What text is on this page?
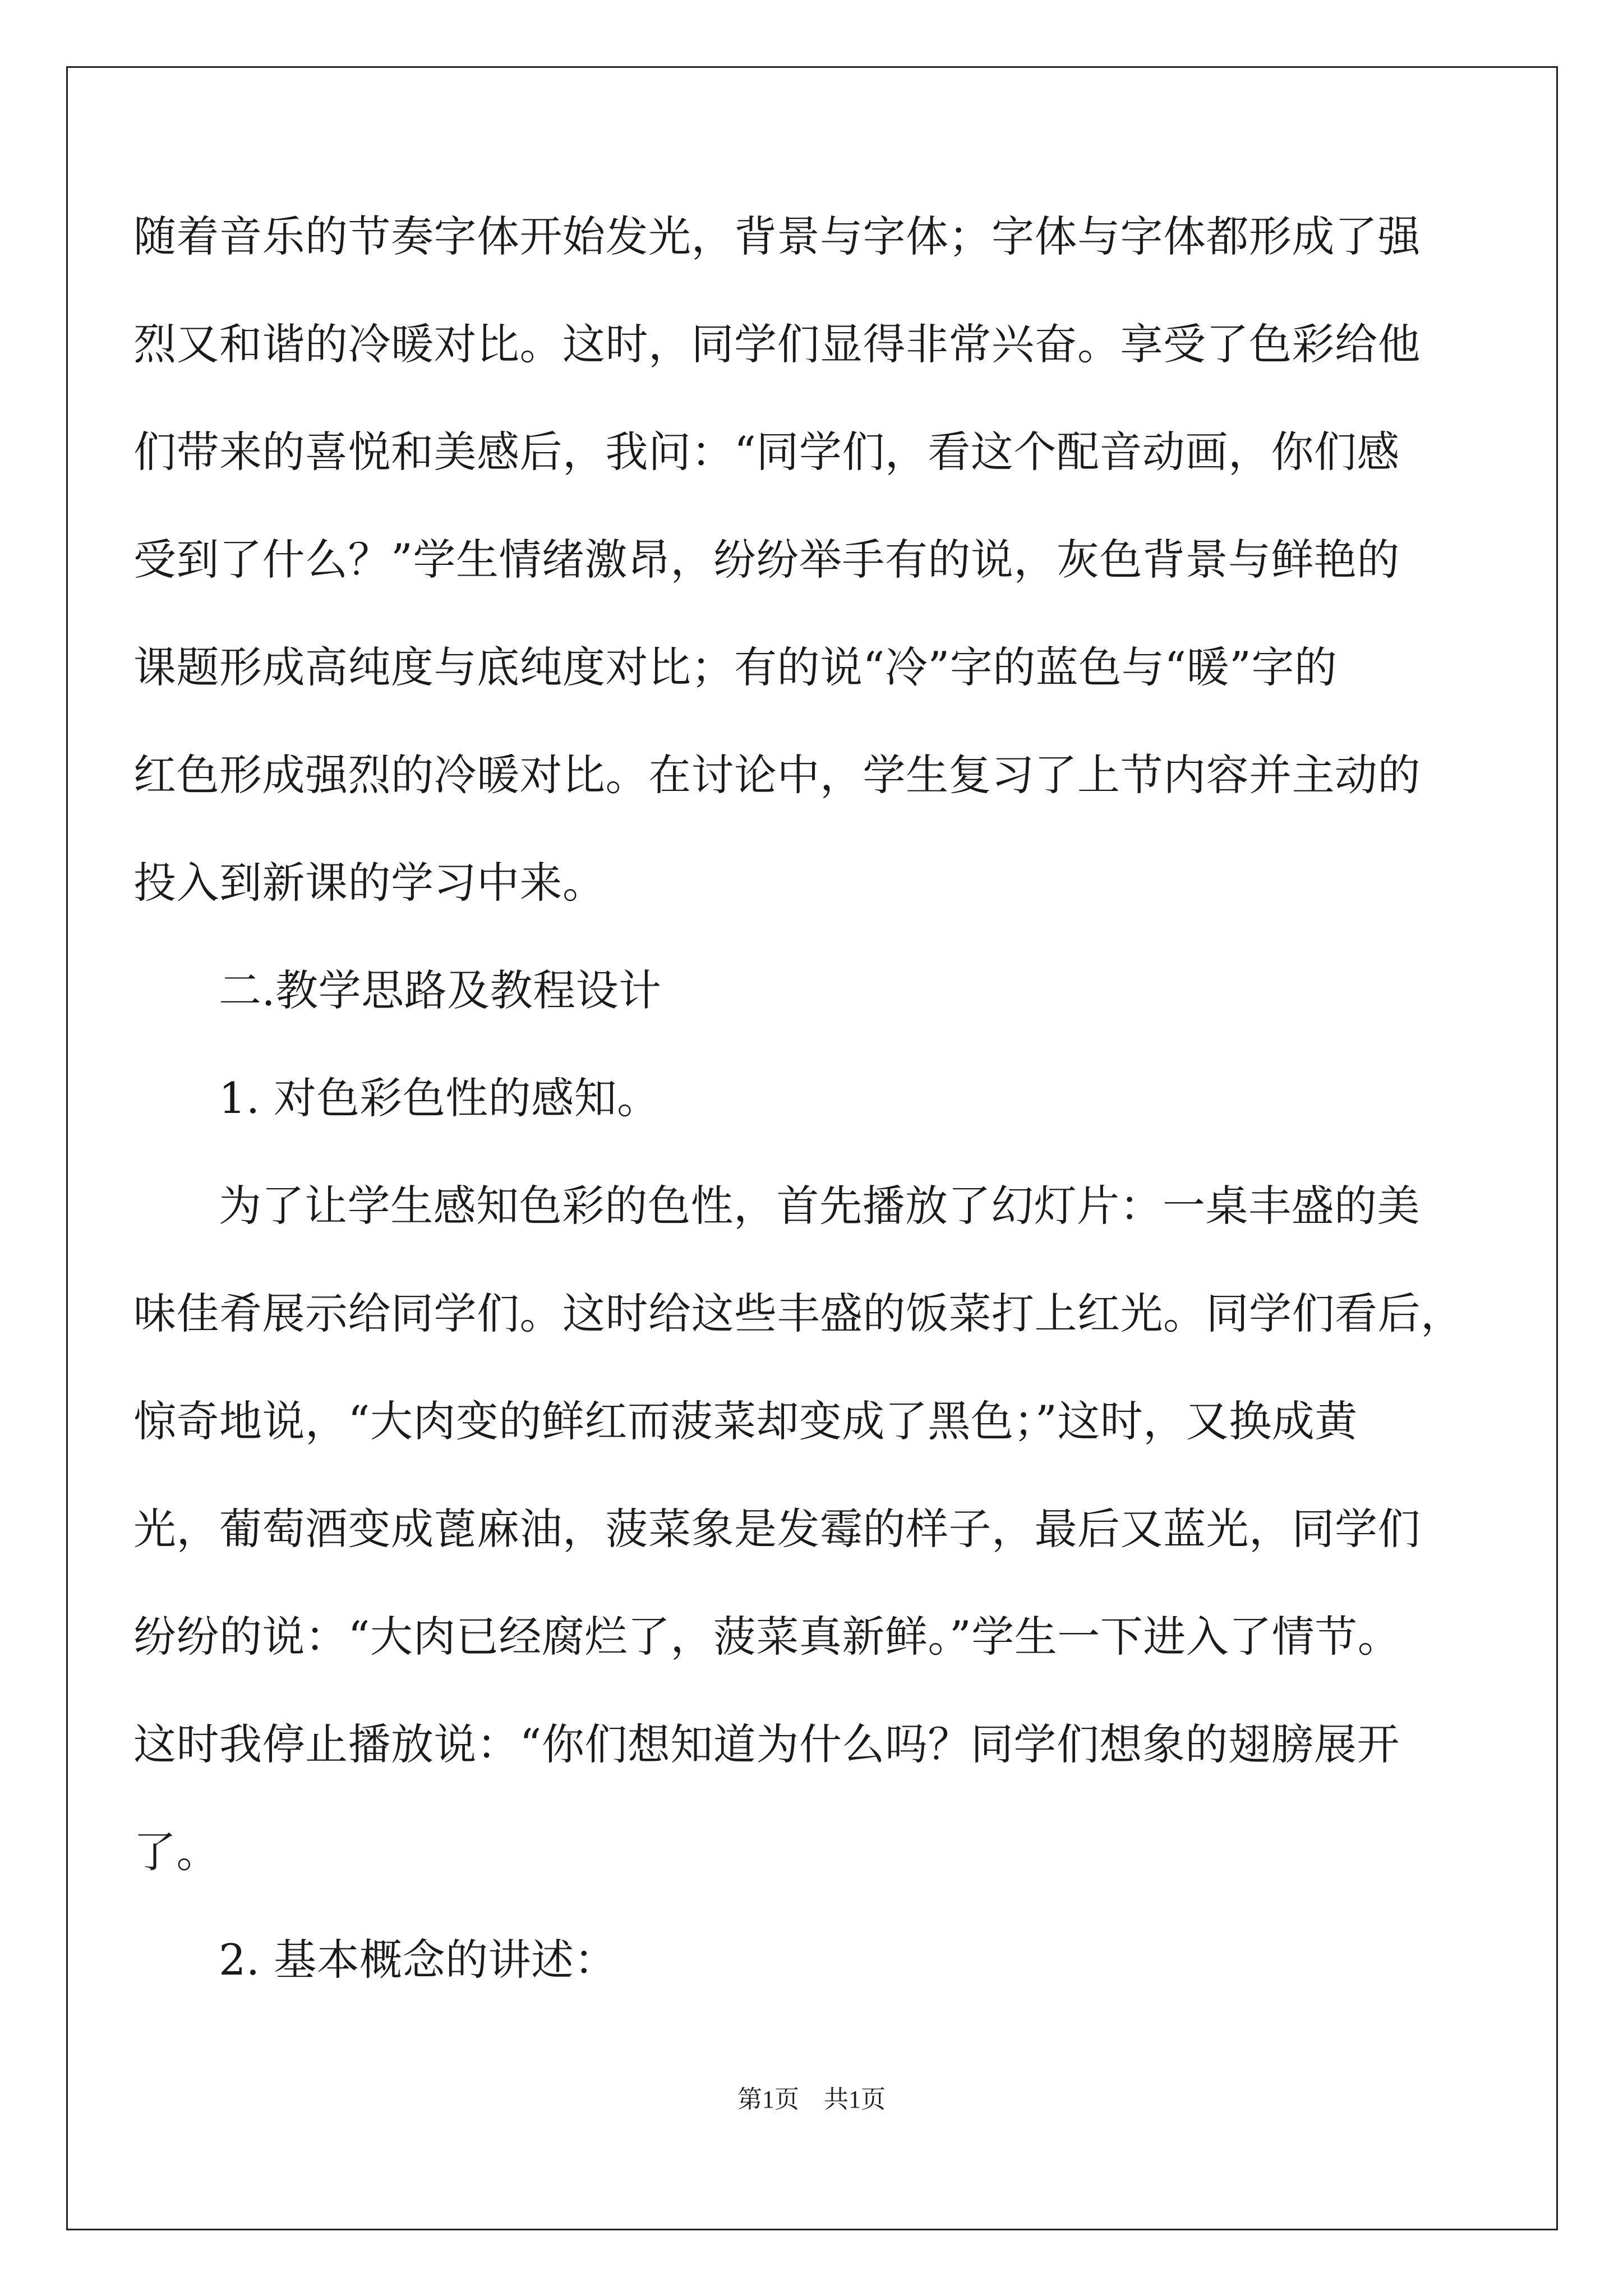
随着音乐的节奏字体开始发光，背景与字体；字体与字体都形成了强
烈又和谐的冷暖对比。这时，同学们显得非常兴奋。享受了色彩给他
们带来的喜悦和美感后，我问：“同学们，看这个配音动画，你们感
受到了什么？”学生情绪激昂，纷纷举手有的说，灰色背景与鲜艳的
课题形成高纯度与底纯度对比；有的说“冷”字的蓝色与“暖”字的
红色形成强烈的冷暖对比。在讨论中，学生复习了上节内容并主动的
投入到新课的学习中来。
二.教学思路及教程设计
1. 对色彩色性的感知。
为了让学生感知色彩的色性，首先播放了幻灯片：一桌丰盛的美
味佳肴展示给同学们。这时给这些丰盛的饭菜打上红光。同学们看后，
惊奇地说，“大肉变的鲜红而菠菜却变成了黑色；”这时，又换成黄
光，葡萄酒变成蓖麻油，菠菜象是发霉的样子，最后又蓝光，同学们
纷纷的说：“大肉已经腐烂了，菠菜真新鲜。”学生一下进入了情节。
这时我停止播放说：“你们想知道为什么吗？同学们想象的翅膀展开
了。
2. 基本概念的讲述：
第1页　共1页
